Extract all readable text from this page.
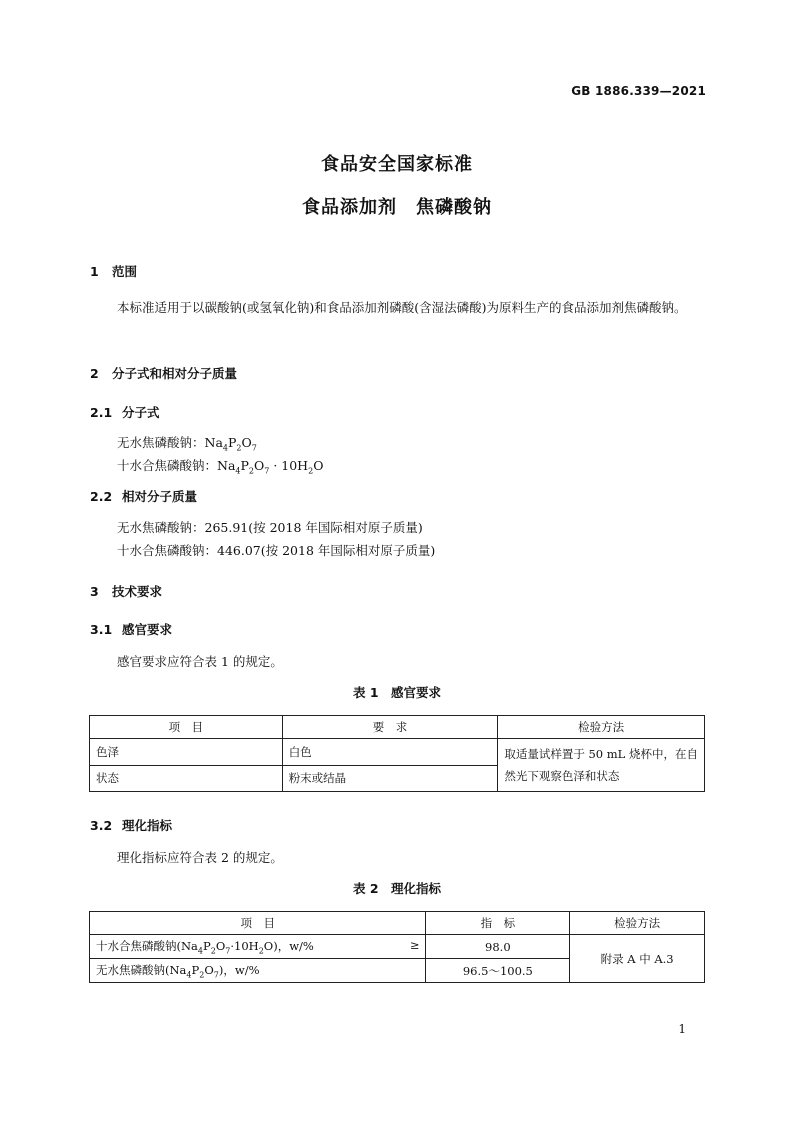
GB 1886.339—2021
食品安全国家标准
食品添加剂　焦磷酸钠
1 范围
本标准适用于以碳酸钠(或氢氧化钠)和食品添加剂磷酸(含湿法磷酸)为原料生产的食品添加剂焦磷酸钠。
2 分子式和相对分子质量
2.1 分子式
无水焦磷酸钠：$Na_4P_2O_7$
十水合焦磷酸钠：$Na_4P_2O_7 \cdot 10H_2O$
2.2 相对分子质量
无水焦磷酸钠：265.91(按 2018 年国际相对原子质量)
十水合焦磷酸钠：446.07(按 2018 年国际相对原子质量)
3 技术要求
3.1 感官要求
感官要求应符合表 1 的规定。
表 1　感官要求
项　目	要　求	检验方法
色泽	白色	取适量试样置于 50 mL 烧杯中，在自然光下观察色泽和状态
状态	粉末或结晶	
3.2 理化指标
理化指标应符合表 2 的规定。
表 2　理化指标
项　目	指　标	检验方法
十水合焦磷酸钠$(Na_4P_2O_7\cdot 10H_2O)$，w/% ≥	98.0	附录 A 中 A.3
无水焦磷酸钠$(Na_4P_2O_7)$，w/%	96.5～100.5	
1
